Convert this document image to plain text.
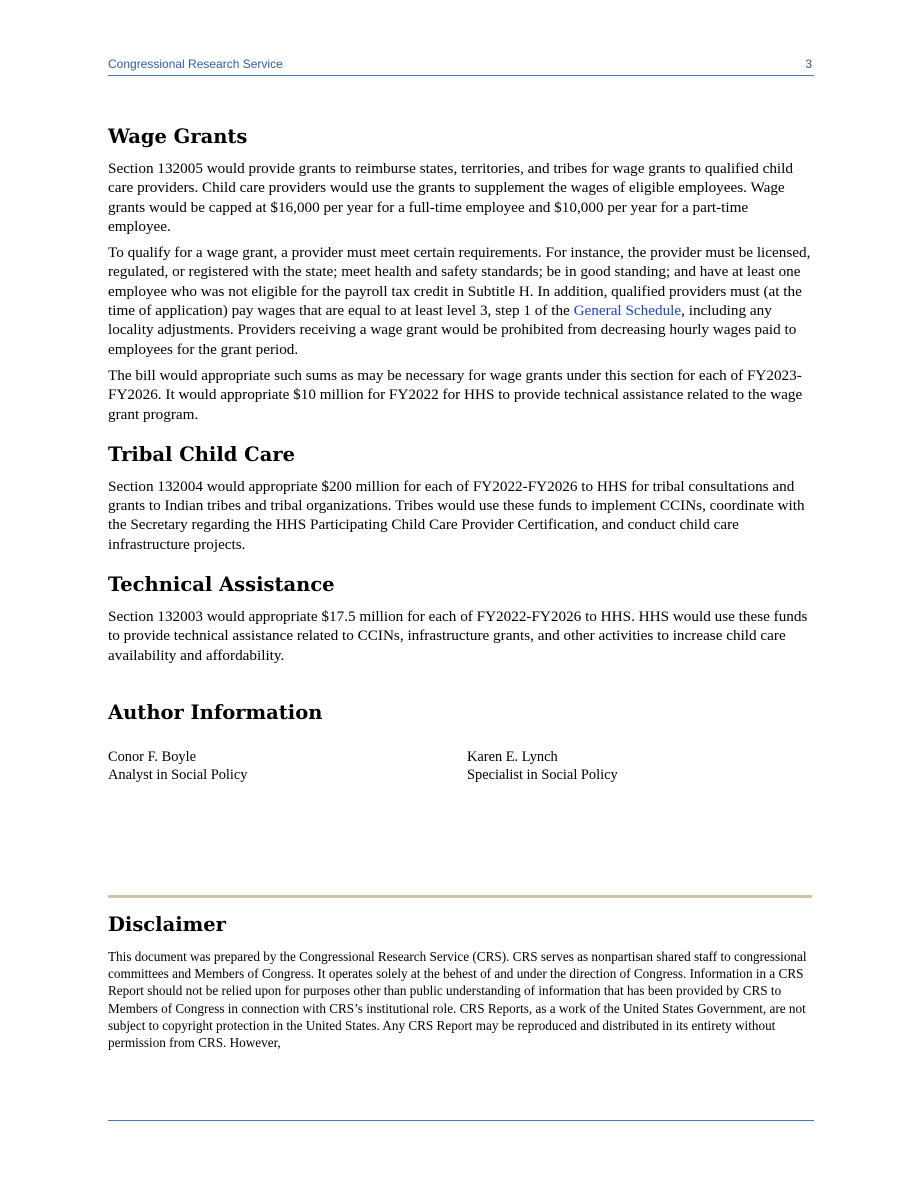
Congressional Research Service	3
Wage Grants

Section 132005 would provide grants to reimburse states, territories, and tribes for wage grants to qualified child care providers. Child care providers would use the grants to supplement the wages of eligible employees. Wage grants would be capped at $16,000 per year for a full-time employee and $10,000 per year for a part-time employee.

To qualify for a wage grant, a provider must meet certain requirements. For instance, the provider must be licensed, regulated, or registered with the state; meet health and safety standards; be in good standing; and have at least one employee who was not eligible for the payroll tax credit in Subtitle H. In addition, qualified providers must (at the time of application) pay wages that are equal to at least level 3, step 1 of the General Schedule, including any locality adjustments. Providers receiving a wage grant would be prohibited from decreasing hourly wages paid to employees for the grant period.

The bill would appropriate such sums as may be necessary for wage grants under this section for each of FY2023-FY2026. It would appropriate $10 million for FY2022 for HHS to provide technical assistance related to the wage grant program.

Tribal Child Care

Section 132004 would appropriate $200 million for each of FY2022-FY2026 to HHS for tribal consultations and grants to Indian tribes and tribal organizations. Tribes would use these funds to implement CCINs, coordinate with the Secretary regarding the HHS Participating Child Care Provider Certification, and conduct child care infrastructure projects.

Technical Assistance

Section 132003 would appropriate $17.5 million for each of FY2022-FY2026 to HHS. HHS would use these funds to provide technical assistance related to CCINs, infrastructure grants, and other activities to increase child care availability and affordability.

Author Information
Conor F. Boyle
Analyst in Social Policy
Karen E. Lynch
Specialist in Social Policy
Disclaimer

This document was prepared by the Congressional Research Service (CRS). CRS serves as nonpartisan shared staff to congressional committees and Members of Congress. It operates solely at the behest of and under the direction of Congress. Information in a CRS Report should not be relied upon for purposes other than public understanding of information that has been provided by CRS to Members of Congress in connection with CRS’s institutional role. CRS Reports, as a work of the United States Government, are not subject to copyright protection in the United States. Any CRS Report may be reproduced and distributed in its entirety without permission from CRS. However,
